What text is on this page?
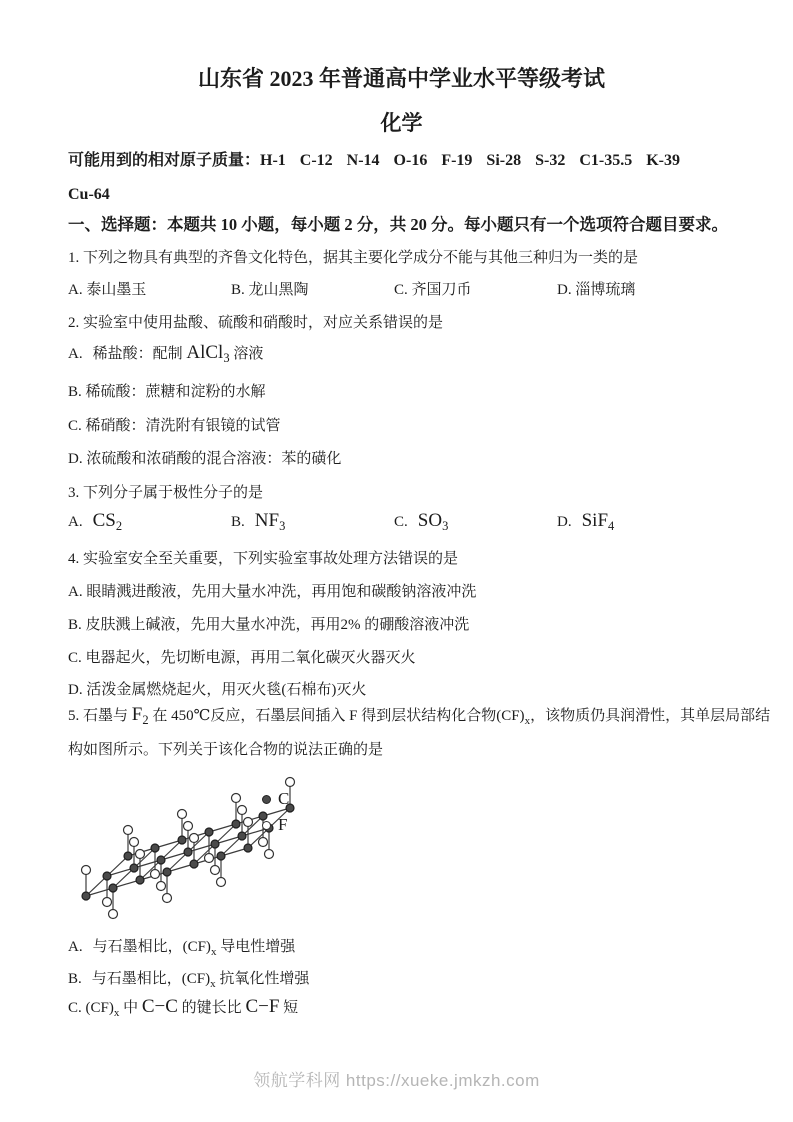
山东省 2023 年普通高中学业水平等级考试
化学
可能用到的相对原子质量：H-1 C-12 N-14 O-16 F-19 Si-28 S-32 C1-35.5 K-39
Cu-64
一、选择题：本题共 10 小题，每小题 2 分，共 20 分。每小题只有一个选项符合题目要求。
1. 下列之物具有典型的齐鲁文化特色，据其主要化学成分不能与其他三种归为一类的是
A. 泰山墨玉	B. 龙山黑陶	C. 齐国刀币	D. 淄博琉璃
2. 实验室中使用盐酸、硫酸和硝酸时，对应关系错误的是
A. 稀盐酸：配制 AlCl$_3$ 溶液
B. 稀硫酸：蔗糖和淀粉的水解
C. 稀硝酸：清洗附有银镜的试管
D. 浓硫酸和浓硝酸的混合溶液：苯的磺化
3. 下列分子属于极性分子的是
A. $CS_2$	B. $NF_3$	C. $SO_3$	D. SiF$_4$
4. 实验室安全至关重要，下列实验室事故处理方法错误的是
A. 眼睛溅进酸液，先用大量水冲洗，再用饱和碳酸钠溶液冲洗
B. 皮肤溅上碱液，先用大量水冲洗，再用2% 的硼酸溶液冲洗
C. 电器起火，先切断电源，再用二氧化碳灭火器灭火
D. 活泼金属燃烧起火，用灭火毯(石棉布)灭火
5. 石墨与 $F_2$ 在 450℃反应，石墨层间插入 F 得到层状结构化合物$(CF)_x$，该物质仍具润滑性，其单层局部结
构如图所示。下列关于该化合物的说法正确的是
C
F
A. 与石墨相比，$(CF)_x$ 导电性增强
B. 与石墨相比，$(CF)_x$ 抗氧化性增强
C. $(CF)_x$ 中 C−C 的键长比 C−F 短
领航学科网 https://xueke.jmkzh.com
